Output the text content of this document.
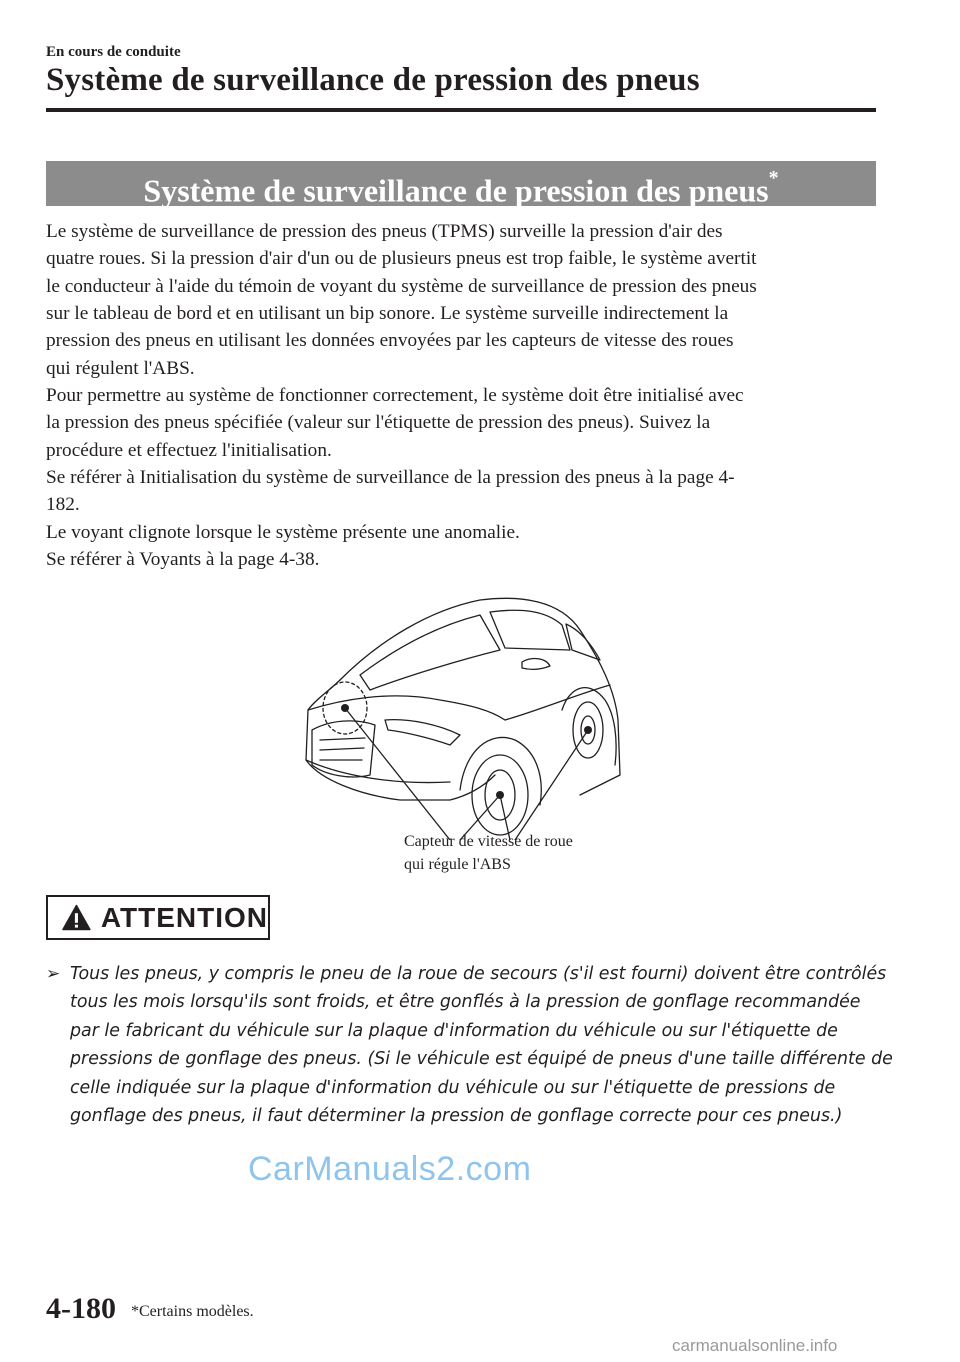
En cours de conduite
Système de surveillance de pression des pneus
Système de surveillance de pression des pneus*
Le système de surveillance de pression des pneus (TPMS) surveille la pression d'air des
quatre roues. Si la pression d'air d'un ou de plusieurs pneus est trop faible, le système avertit
le conducteur à l'aide du témoin de voyant du système de surveillance de pression des pneus
sur le tableau de bord et en utilisant un bip sonore. Le système surveille indirectement la
pression des pneus en utilisant les données envoyées par les capteurs de vitesse des roues
qui régulent l'ABS.
Pour permettre au système de fonctionner correctement, le système doit être initialisé avec
la pression des pneus spécifiée (valeur sur l'étiquette de pression des pneus). Suivez la
procédure et effectuez l'initialisation.
Se référer à Initialisation du système de surveillance de la pression des pneus à la page 4-
182.
Le voyant clignote lorsque le système présente une anomalie.
Se référer à Voyants à la page 4-38.
Capteur de vitesse de roue
qui régule l'ABS
ATTENTION
➢ Tous les pneus, y compris le pneu de la roue de secours (s'il est fourni) doivent être contrôlés
tous les mois lorsqu'ils sont froids, et être gonflés à la pression de gonflage recommandée
par le fabricant du véhicule sur la plaque d'information du véhicule ou sur l'étiquette de
pressions de gonflage des pneus. (Si le véhicule est équipé de pneus d'une taille différente de
celle indiquée sur la plaque d'information du véhicule ou sur l'étiquette de pressions de
gonflage des pneus, il faut déterminer la pression de gonflage correcte pour ces pneus.)
CarManuals2.com
4-180 *Certains modèles.
carmanualsonline.info
